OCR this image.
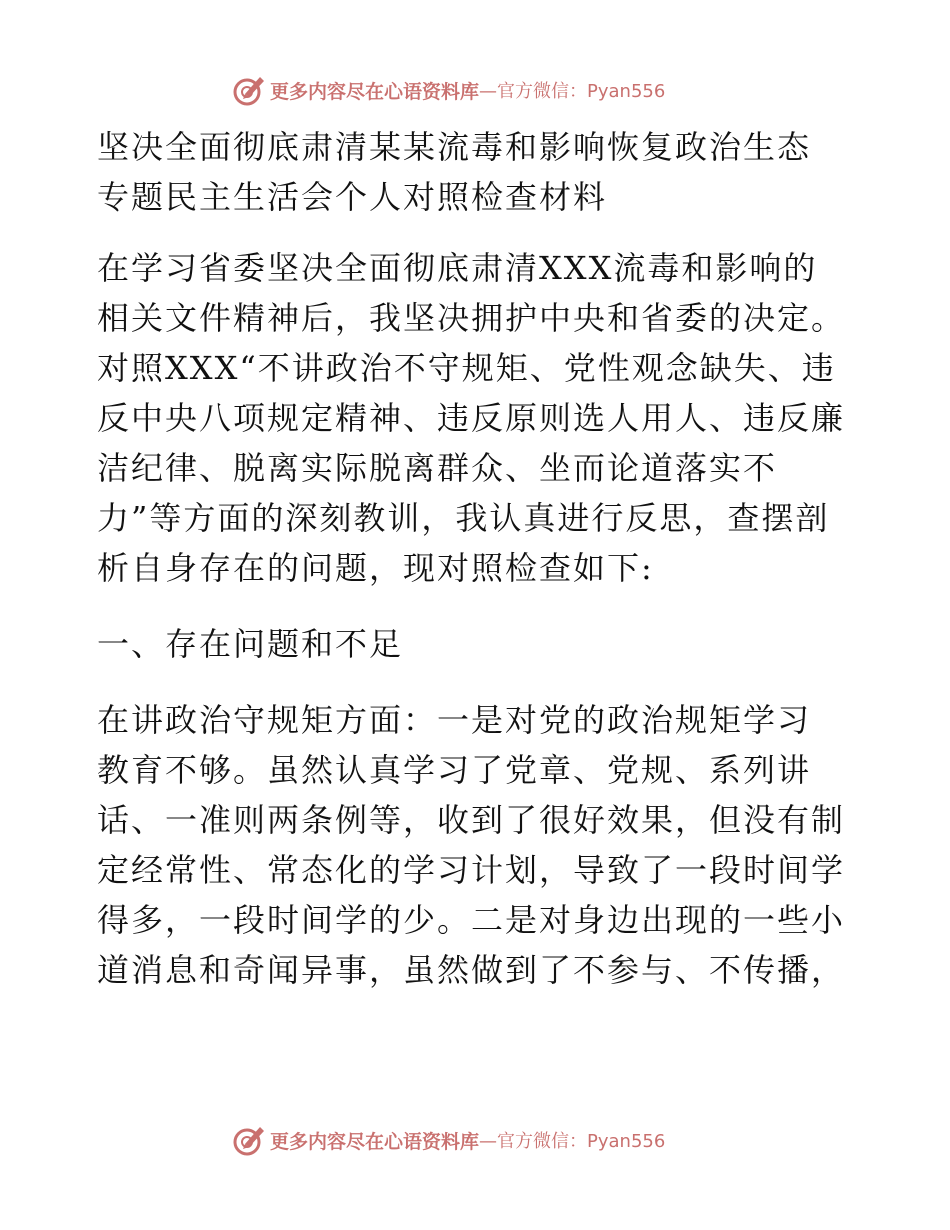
更多内容尽在心语资料库 —官方微信：Pyan556
坚决全面彻底肃清某某流毒和影响恢复政治生态
专题民主生活会个人对照检查材料
在学习省委坚决全面彻底肃清XXX流毒和影响的
相关文件精神后，我坚决拥护中央和省委的决定。
对照XXX“不讲政治不守规矩、党性观念缺失、违
反中央八项规定精神、违反原则选人用人、违反廉
洁纪律、脱离实际脱离群众、坐而论道落实不
力”等方面的深刻教训，我认真进行反思，查摆剖
析自身存在的问题，现对照检查如下:
一、存在问题和不足
在讲政治守规矩方面：一是对党的政治规矩学习
教育不够。虽然认真学习了党章、党规、系列讲
话、一准则两条例等，收到了很好效果，但没有制
定经常性、常态化的学习计划，导致了一段时间学
得多，一段时间学的少。二是对身边出现的一些小
道消息和奇闻异事，虽然做到了不参与、不传播，
更多内容尽在心语资料库 —官方微信：Pyan556
